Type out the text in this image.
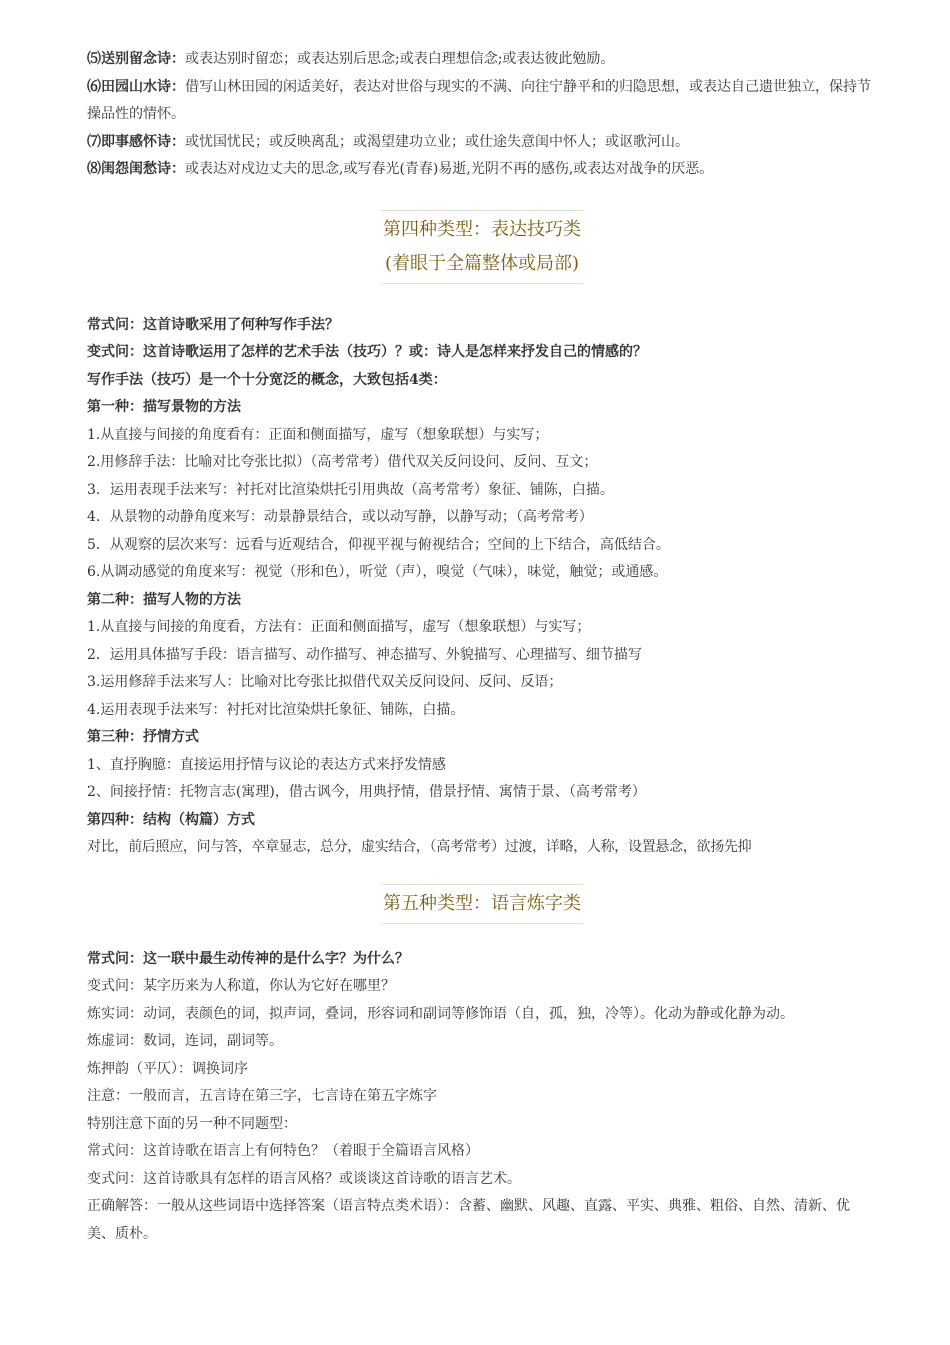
⑸送别留念诗：或表达别时留恋；或表达别后思念;或表白理想信念;或表达彼此勉励。
⑹田园山水诗：借写山林田园的闲适美好，表达对世俗与现实的不满、向往宁静平和的归隐思想，或表达自己遗世独立，保持节操品性的情怀。
⑺即事感怀诗：或忧国忧民；或反映离乱；或渴望建功立业；或仕途失意闺中怀人；或讴歌河山。
⑻闺怨闺愁诗：或表达对戍边丈夫的思念,或写春光(青春)易逝,光阴不再的感伤,或表达对战争的厌恶。
第四种类型：表达技巧类
(着眼于全篇整体或局部)
常式问：这首诗歌采用了何种写作手法？
变式问：这首诗歌运用了怎样的艺术手法（技巧）？或：诗人是怎样来抒发自己的情感的？
写作手法（技巧）是一个十分宽泛的概念，大致包括4类：
第一种：描写景物的方法
1.从直接与间接的角度看有：正面和侧面描写，虚写（想象联想）与实写；
2.用修辞手法：比喻对比夸张比拟）（高考常考）借代双关反问设问、反问、互文；
3．运用表现手法来写：衬托对比渲染烘托引用典故（高考常考）象征、铺陈，白描。
4．从景物的动静角度来写：动景静景结合，或以动写静，以静写动；（高考常考）
5．从观察的层次来写：远看与近观结合，仰视平视与俯视结合；空间的上下结合，高低结合。
6.从调动感觉的角度来写：视觉（形和色），听觉（声），嗅觉（气味），味觉，触觉；或通感。
第二种：描写人物的方法
1.从直接与间接的角度看，方法有：正面和侧面描写，虚写（想象联想）与实写；
2．运用具体描写手段：语言描写、动作描写、神态描写、外貌描写、心理描写、细节描写
3.运用修辞手法来写人：比喻对比夸张比拟借代双关反问设问、反问、反语；
4.运用表现手法来写：衬托对比渲染烘托象征、铺陈，白描。
第三种：抒情方式
1、直抒胸臆：直接运用抒情与议论的表达方式来抒发情感
2、间接抒情：托物言志(寓理)，借古讽今，用典抒情，借景抒情、寓情于景、（高考常考）
第四种：结构（构篇）方式
对比，前后照应，问与答，卒章显志，总分，虚实结合，（高考常考）过渡，详略，人称，设置悬念，欲扬先抑
第五种类型：语言炼字类
常式问：这一联中最生动传神的是什么字？为什么？
变式问：某字历来为人称道，你认为它好在哪里？
炼实词：动词，表颜色的词，拟声词，叠词，形容词和副词等修饰语（自，孤，独，冷等）。化动为静或化静为动。
炼虚词：数词，连词，副词等。
炼押韵（平仄）：调换词序
注意：一般而言，五言诗在第三字，七言诗在第五字炼字
特别注意下面的另一种不同题型：
常式问：这首诗歌在语言上有何特色？（着眼于全篇语言风格）
变式问：这首诗歌具有怎样的语言风格？或谈谈这首诗歌的语言艺术。
正确解答：一般从这些词语中选择答案（语言特点类术语）：含蓄、幽默、风趣、直露、平实、典雅、粗俗、自然、清新、优美、质朴。
